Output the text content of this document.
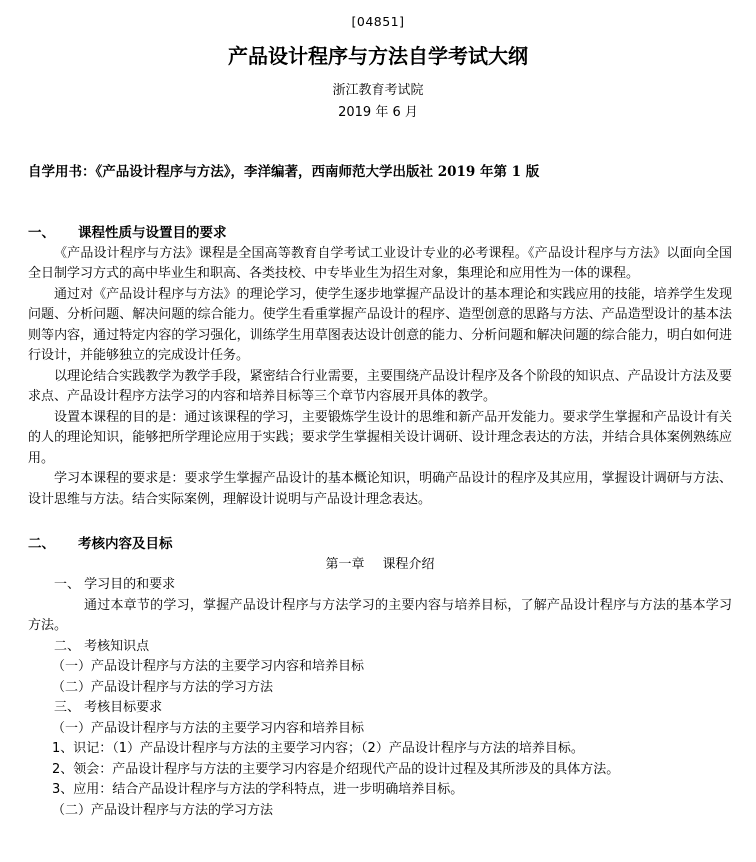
[04851]
产品设计程序与方法自学考试大纲
浙江教育考试院
2019 年 6 月
自学用书：《产品设计程序与方法》，李洋编著，西南师范大学出版社 2019 年第 1 版
一、	课程性质与设置目的要求

《产品设计程序与方法》课程是全国高等教育自学考试工业设计专业的必考课程。《产品设计程序与方法》以面向全国全日制学习方式的高中毕业生和职高、各类技校、中专毕业生为招生对象，集理论和应用性为一体的课程。

通过对《产品设计程序与方法》的理论学习，使学生逐步地掌握产品设计的基本理论和实践应用的技能，培养学生发现问题、分析问题、解决问题的综合能力。使学生看重掌握产品设计的程序、造型创意的思路与方法、产品造型设计的基本法则等内容，通过特定内容的学习强化，训练学生用草图表达设计创意的能力、分析问题和解决问题的综合能力，明白如何进行设计，并能够独立的完成设计任务。

以理论结合实践教学为教学手段，紧密结合行业需要，主要围绕产品设计程序及各个阶段的知识点、产品设计方法及要求点、产品设计程序方法学习的内容和培养目标等三个章节内容展开具体的教学。

设置本课程的目的是：通过该课程的学习，主要锻炼学生设计的思维和新产品开发能力。要求学生掌握和产品设计有关的人的理论知识，能够把所学理论应用于实践；要求学生掌握相关设计调研、设计理念表达的方法，并结合具体案例熟练应用。

学习本课程的要求是：要求学生掌握产品设计的基本概论知识，明确产品设计的程序及其应用，掌握设计调研与方法、设计思维与方法。结合实际案例，理解设计说明与产品设计理念表达。

二、	考核内容及目标
第一章 课程介绍
一、 学习目的和要求

通过本章节的学习，掌握产品设计程序与方法学习的主要内容与培养目标，了解产品设计程序与方法的基本学习方法。

二、 考核知识点
（一）产品设计程序与方法的主要学习内容和培养目标
（二）产品设计程序与方法的学习方法
三、 考核目标要求
（一）产品设计程序与方法的主要学习内容和培养目标
1、识记：（1）产品设计程序与方法的主要学习内容；（2）产品设计程序与方法的培养目标。
2、领会：产品设计程序与方法的主要学习内容是介绍现代产品的设计过程及其所涉及的具体方法。
3、应用：结合产品设计程序与方法的学科特点，进一步明确培养目标。
（二）产品设计程序与方法的学习方法
